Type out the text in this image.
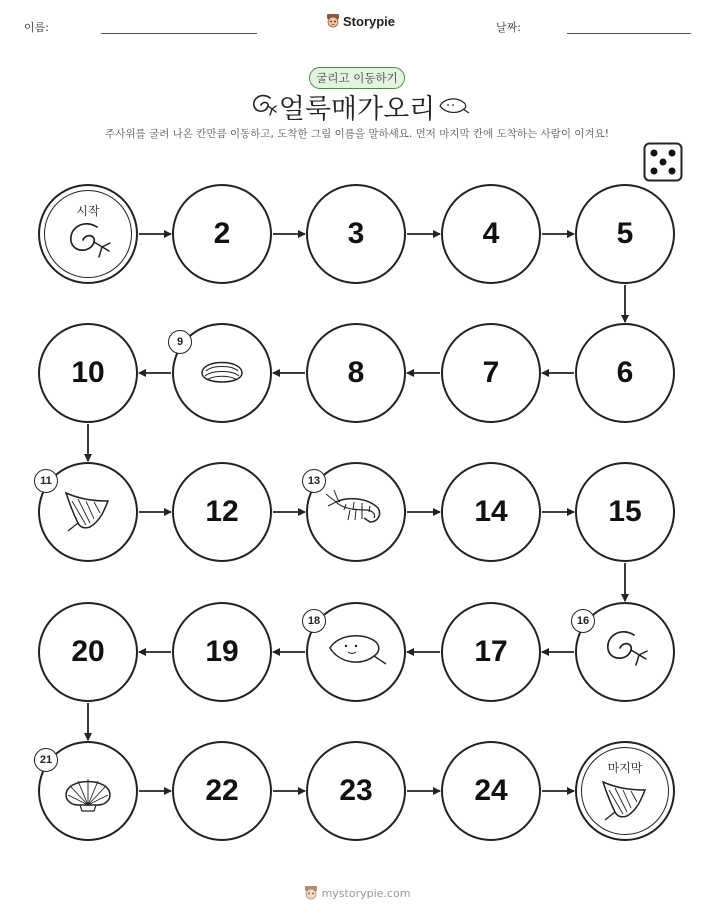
이름:	Storypie	날짜:
굴리고 이동하기
얼룩매가오리
주사위를 굴려 나온 칸만큼 이동하고, 도착한 그림 이름을 말하세요. 먼저 마지막 칸에 도착하는 사람이 이겨요!
시작
2	3	4	5
6
7
8
9
10
11
12
13
14	15
16
17
18
19
20
21
22	23	24
마지막
mystorypie.com
